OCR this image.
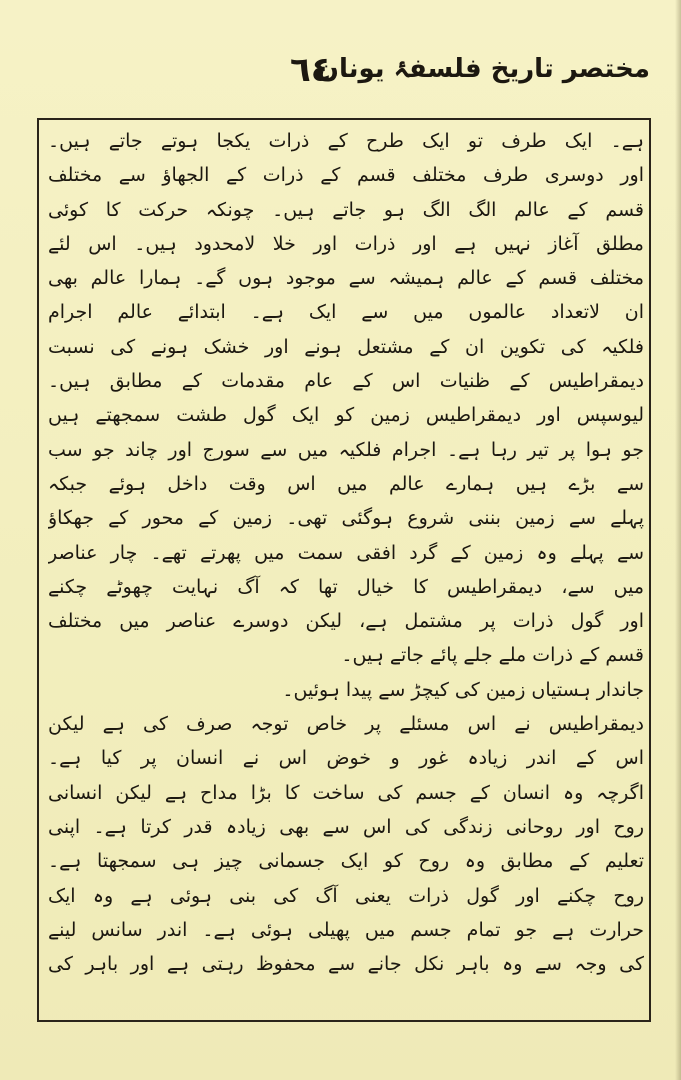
٦٤
مختصر تاریخ فلسفۂ یونان
ہے۔ ایک طرف تو ایک طرح کے ذرات یکجا ہوتے جاتے ہیں۔
اور دوسری طرف مختلف قسم کے ذرات کے الجھاؤ سے مختلف
قسم کے عالم الگ الگ ہو جاتے ہیں۔ چونکہ حرکت کا کوئی
مطلق آغاز نہیں ہے اور ذرات اور خلا لامحدود ہیں۔ اس لئے
مختلف قسم کے عالم ہمیشہ سے موجود ہوں گے۔ ہمارا عالم بھی
ان لاتعداد عالموں میں سے ایک ہے۔ ابتدائے عالم اجرام
فلکیہ کی تکوین ان کے مشتعل ہونے اور خشک ہونے کی نسبت
دیمقراطیس کے ظنیات اس کے عام مقدمات کے مطابق ہیں۔
لیوسپس اور دیمقراطیس زمین کو ایک گول طشت سمجھتے ہیں
جو ہوا پر تیر رہا ہے۔ اجرام فلکیہ میں سے سورج اور چاند جو سب
سے بڑے ہیں ہمارے عالم میں اس وقت داخل ہوئے جبکہ
پہلے سے زمین بننی شروع ہوگئی تھی۔ زمین کے محور کے جھکاؤ
سے پہلے وہ زمین کے گرد افقی سمت میں پھرتے تھے۔ چار عناصر
میں سے، دیمقراطیس کا خیال تھا کہ آگ نہایت چھوٹے چکنے
اور گول ذرات پر مشتمل ہے، لیکن دوسرے عناصر میں مختلف
قسم کے ذرات ملے جلے پائے جاتے ہیں۔
جاندار ہستیاں زمین کی کیچڑ سے پیدا ہوئیں۔
دیمقراطیس نے اس مسئلے پر خاص توجہ صرف کی ہے لیکن
اس کے اندر زیادہ غور و خوض اس نے انسان پر کیا ہے۔
اگرچہ وہ انسان کے جسم کی ساخت کا بڑا مداح ہے لیکن انسانی
روح اور روحانی زندگی کی اس سے بھی زیادہ قدر کرتا ہے۔ اپنی
تعلیم کے مطابق وہ روح کو ایک جسمانی چیز ہی سمجھتا ہے۔
روح چکنے اور گول ذرات یعنی آگ کی بنی ہوئی ہے وہ ایک
حرارت ہے جو تمام جسم میں پھیلی ہوئی ہے۔ اندر سانس لینے
کی وجہ سے وہ باہر نکل جانے سے محفوظ رہتی ہے اور باہر کی
